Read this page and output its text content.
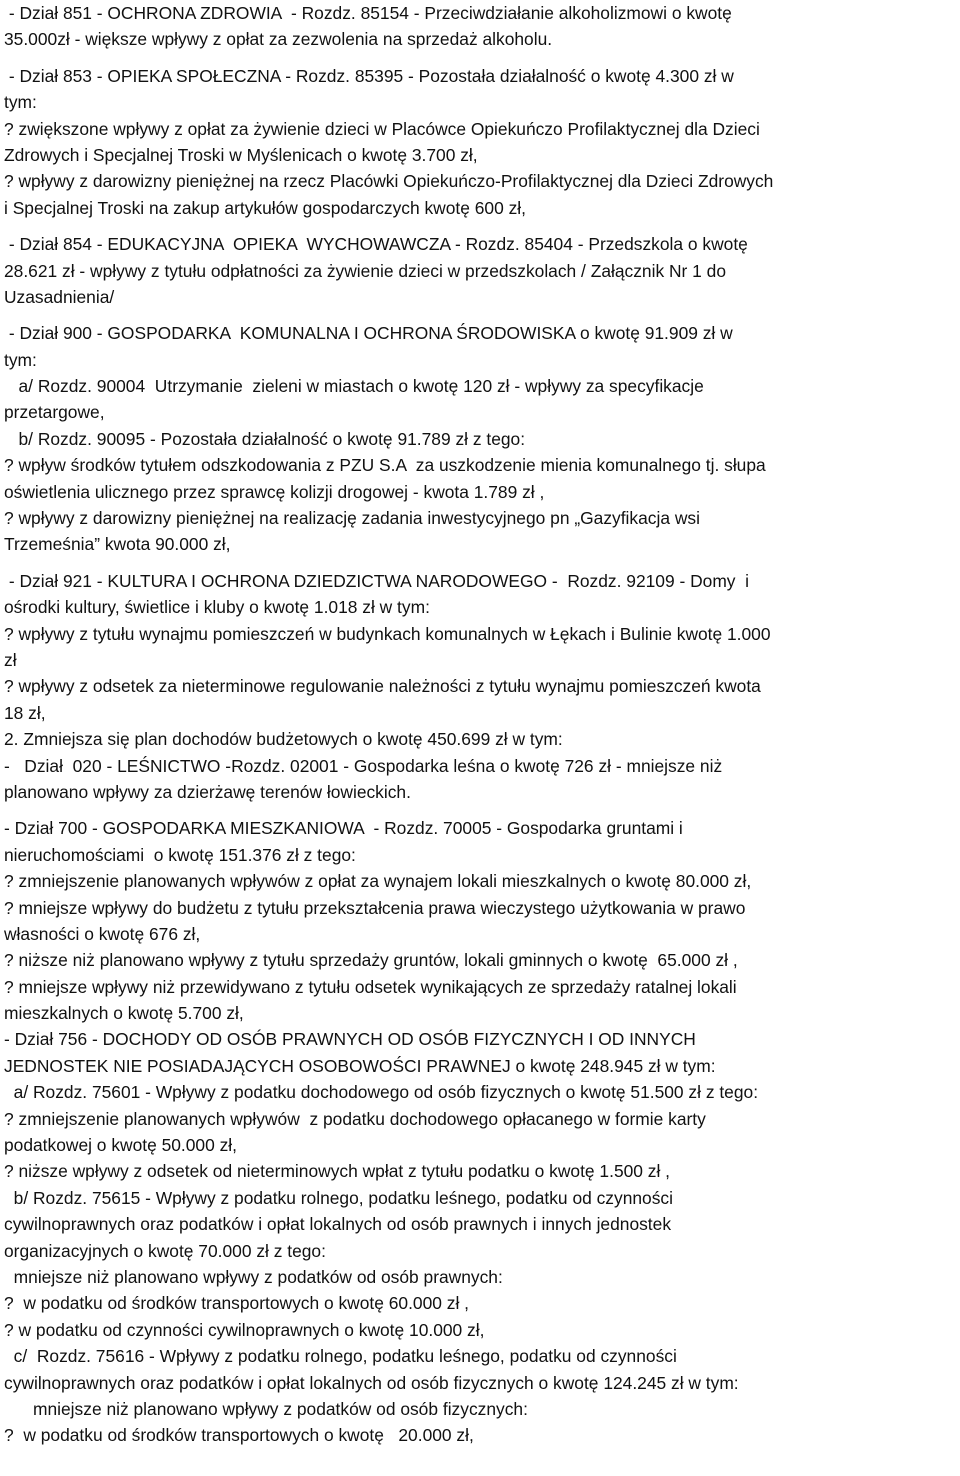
- Dział 851 - OCHRONA ZDROWIA  - Rozdz. 85154 - Przeciwdziałanie alkoholizmowi o kwotę
35.000zł - większe wpływy z opłat za zezwolenia na sprzedaż alkoholu.
- Dział 853 - OPIEKA SPOŁECZNA - Rozdz. 85395 - Pozostała działalność o kwotę 4.300 zł w
tym:
? zwiększone wpływy z opłat za żywienie dzieci w Placówce Opiekuńczo Profilaktycznej dla Dzieci
Zdrowych i Specjalnej Troski w Myślenicach o kwotę 3.700 zł,
? wpływy z darowizny pieniężnej na rzecz Placówki Opiekuńczo-Profilaktycznej dla Dzieci Zdrowych
i Specjalnej Troski na zakup artykułów gospodarczych kwotę 600 zł,
- Dział 854 - EDUKACYJNA  OPIEKA  WYCHOWAWCZA - Rozdz. 85404 - Przedszkola o kwotę
28.621 zł - wpływy z tytułu odpłatności za żywienie dzieci w przedszkolach / Załącznik Nr 1 do
Uzasadnienia/
- Dział 900 - GOSPODARKA  KOMUNALNA I OCHRONA ŚRODOWISKA o kwotę 91.909 zł w
tym:
a/ Rozdz. 90004  Utrzymanie  zieleni w miastach o kwotę 120 zł - wpływy za specyfikacje
przetargowe,
b/ Rozdz. 90095 - Pozostała działalność o kwotę 91.789 zł z tego:
? wpływ środków tytułem odszkodowania z PZU S.A  za uszkodzenie mienia komunalnego tj. słupa
oświetlenia ulicznego przez sprawcę kolizji drogowej - kwota 1.789 zł ,
? wpływy z darowizny pieniężnej na realizację zadania inwestycyjnego pn „Gazyfikacja wsi
Trzemeśnia” kwota 90.000 zł,
- Dział 921 - KULTURA I OCHRONA DZIEDZICTWA NARODOWEGO -  Rozdz. 92109 - Domy  i
ośrodki kultury, świetlice i kluby o kwotę 1.018 zł w tym:
? wpływy z tytułu wynajmu pomieszczeń w budynkach komunalnych w Łękach i Bulinie kwotę 1.000
zł
? wpływy z odsetek za nieterminowe regulowanie należności z tytułu wynajmu pomieszczeń kwota
18 zł,
2. Zmniejsza się plan dochodów budżetowych o kwotę 450.699 zł w tym:
-   Dział  020 - LEŚNICTWO -Rozdz. 02001 - Gospodarka leśna o kwotę 726 zł - mniejsze niż
planowano wpływy za dzierżawę terenów łowieckich.
- Dział 700 - GOSPODARKA MIESZKANIOWA  - Rozdz. 70005 - Gospodarka gruntami i
nieruchomościami  o kwotę 151.376 zł z tego:
? zmniejszenie planowanych wpływów z opłat za wynajem lokali mieszkalnych o kwotę 80.000 zł,
? mniejsze wpływy do budżetu z tytułu przekształcenia prawa wieczystego użytkowania w prawo
własności o kwotę 676 zł,
? niższe niż planowano wpływy z tytułu sprzedaży gruntów, lokali gminnych o kwotę  65.000 zł ,
? mniejsze wpływy niż przewidywano z tytułu odsetek wynikających ze sprzedaży ratalnej lokali
mieszkalnych o kwotę 5.700 zł,
- Dział 756 - DOCHODY OD OSÓB PRAWNYCH OD OSÓB FIZYCZNYCH I OD INNYCH
JEDNOSTEK NIE POSIADAJĄCYCH OSOBOWOŚCI PRAWNEJ o kwotę 248.945 zł w tym:
a/ Rozdz. 75601 - Wpływy z podatku dochodowego od osób fizycznych o kwotę 51.500 zł z tego:
? zmniejszenie planowanych wpływów  z podatku dochodowego opłacanego w formie karty
podatkowej o kwotę 50.000 zł,
? niższe wpływy z odsetek od nieterminowych wpłat z tytułu podatku o kwotę 1.500 zł ,
b/ Rozdz. 75615 - Wpływy z podatku rolnego, podatku leśnego, podatku od czynności
cywilnoprawnych oraz podatków i opłat lokalnych od osób prawnych i innych jednostek
organizacyjnych o kwotę 70.000 zł z tego:
mniejsze niż planowano wpływy z podatków od osób prawnych:
?  w podatku od środków transportowych o kwotę 60.000 zł ,
? w podatku od czynności cywilnoprawnych o kwotę 10.000 zł,
c/  Rozdz. 75616 - Wpływy z podatku rolnego, podatku leśnego, podatku od czynności
cywilnoprawnych oraz podatków i opłat lokalnych od osób fizycznych o kwotę 124.245 zł w tym:
mniejsze niż planowano wpływy z podatków od osób fizycznych:
?  w podatku od środków transportowych o kwotę   20.000 zł,
